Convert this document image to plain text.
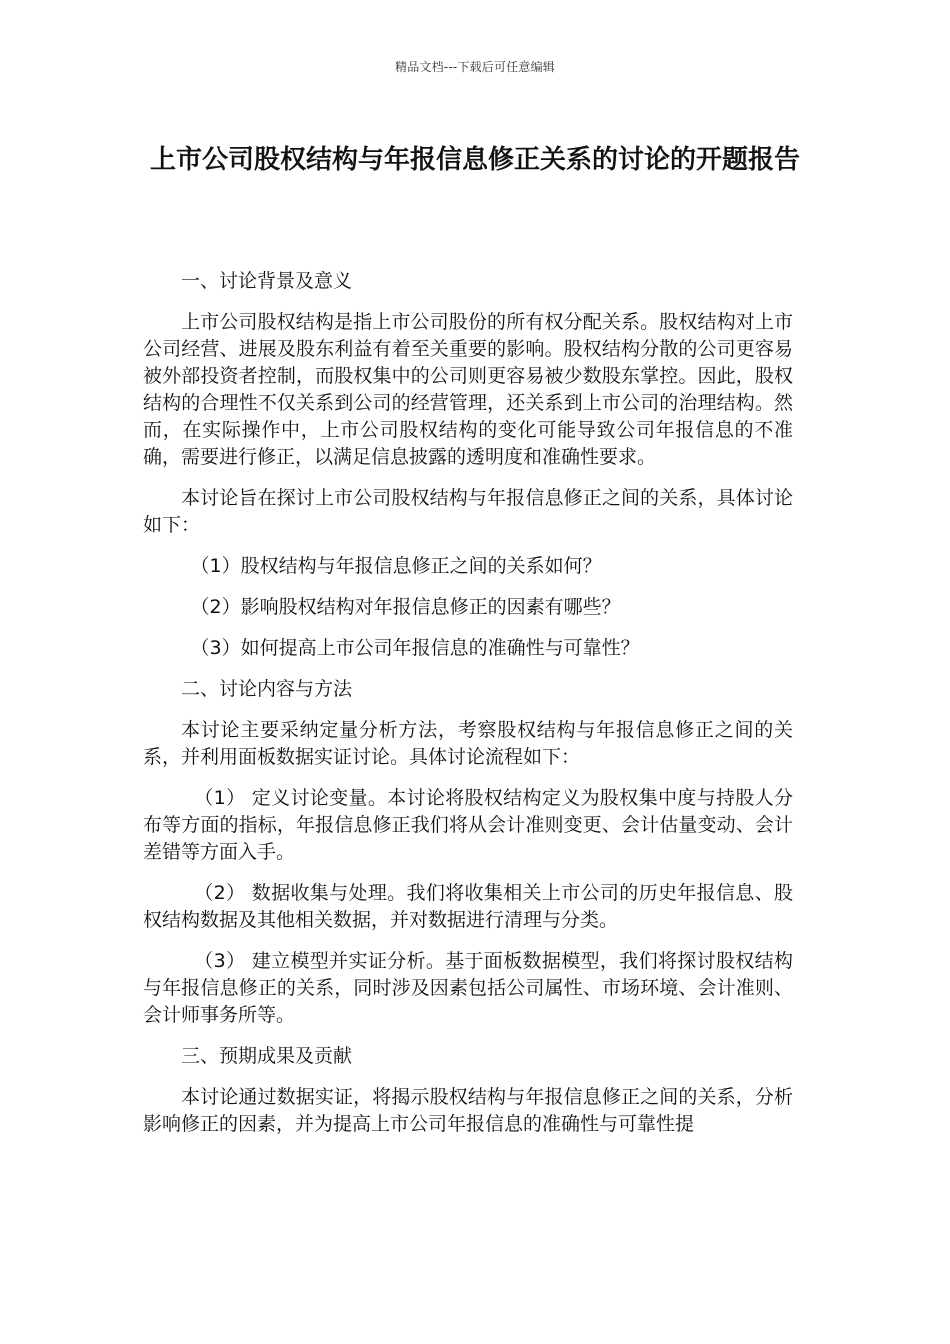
精品文档---下载后可任意编辑
上市公司股权结构与年报信息修正关系的讨论的开题报告

一、讨论背景及意义

上市公司股权结构是指上市公司股份的所有权分配关系。股权结构对上市公司经营、进展及股东利益有着至关重要的影响。股权结构分散的公司更容易被外部投资者控制，而股权集中的公司则更容易被少数股东掌控。因此，股权结构的合理性不仅关系到公司的经营管理，还关系到上市公司的治理结构。然而，在实际操作中，上市公司股权结构的变化可能导致公司年报信息的不准确，需要进行修正，以满足信息披露的透明度和准确性要求。

本讨论旨在探讨上市公司股权结构与年报信息修正之间的关系，具体讨论如下：

（1）股权结构与年报信息修正之间的关系如何？

（2）影响股权结构对年报信息修正的因素有哪些？

（3）如何提高上市公司年报信息的准确性与可靠性？

二、讨论内容与方法

本讨论主要采纳定量分析方法，考察股权结构与年报信息修正之间的关系，并利用面板数据实证讨论。具体讨论流程如下：

（1） 定义讨论变量。本讨论将股权结构定义为股权集中度与持股人分布等方面的指标，年报信息修正我们将从会计准则变更、会计估量变动、会计差错等方面入手。

（2） 数据收集与处理。我们将收集相关上市公司的历史年报信息、股权结构数据及其他相关数据，并对数据进行清理与分类。

（3） 建立模型并实证分析。基于面板数据模型，我们将探讨股权结构与年报信息修正的关系，同时涉及因素包括公司属性、市场环境、会计准则、会计师事务所等。

三、预期成果及贡献

本讨论通过数据实证，将揭示股权结构与年报信息修正之间的关系，分析影响修正的因素，并为提高上市公司年报信息的准确性与可靠性提
